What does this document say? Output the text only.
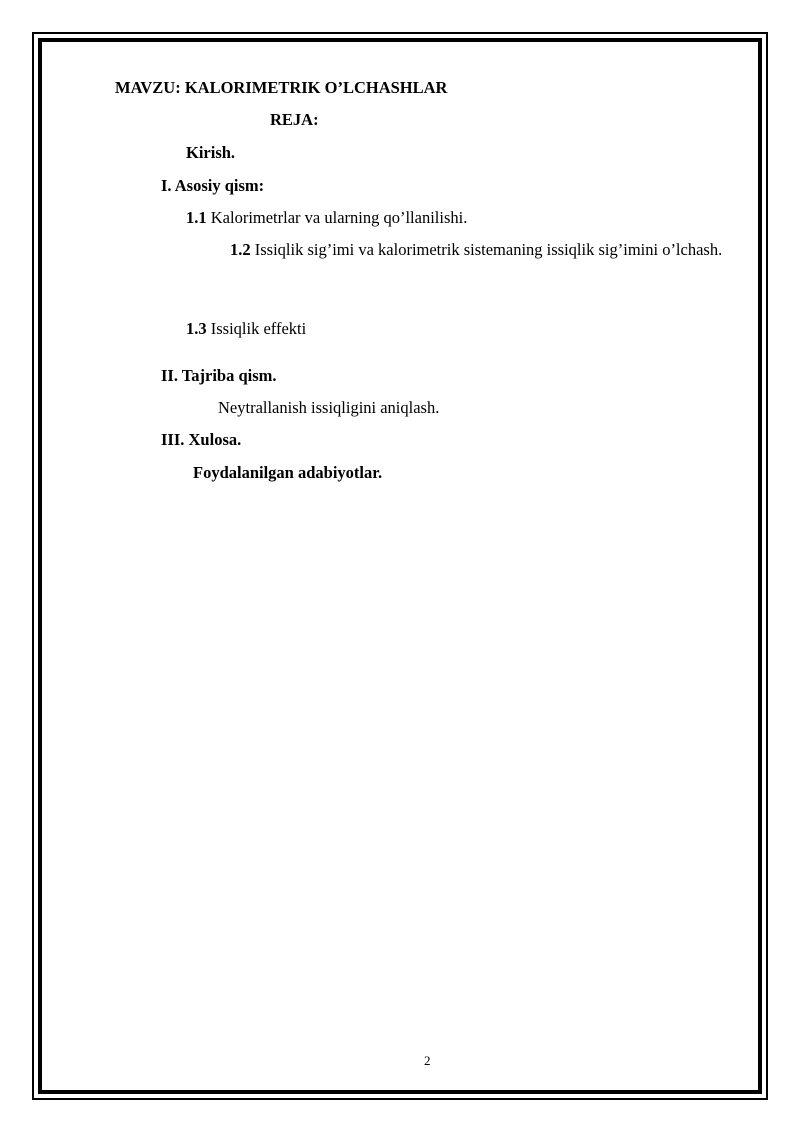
MAVZU: KALORIMETRIK O’LCHASHLAR
REJA:
Kirish.
I. Asosiy qism:
1.1 Kalorimetrlar va ularning qo’llanilishi.
1.2 Issiqlik sig’imi va kalorimetrik sistemaning issiqlik sig’imini o’lchash.
1.3 Issiqlik effekti
II. Tajriba qism.
Neytrallanish issiqligini aniqlash.
III. Xulosa.
Foydalanilgan adabiyotlar.
2
